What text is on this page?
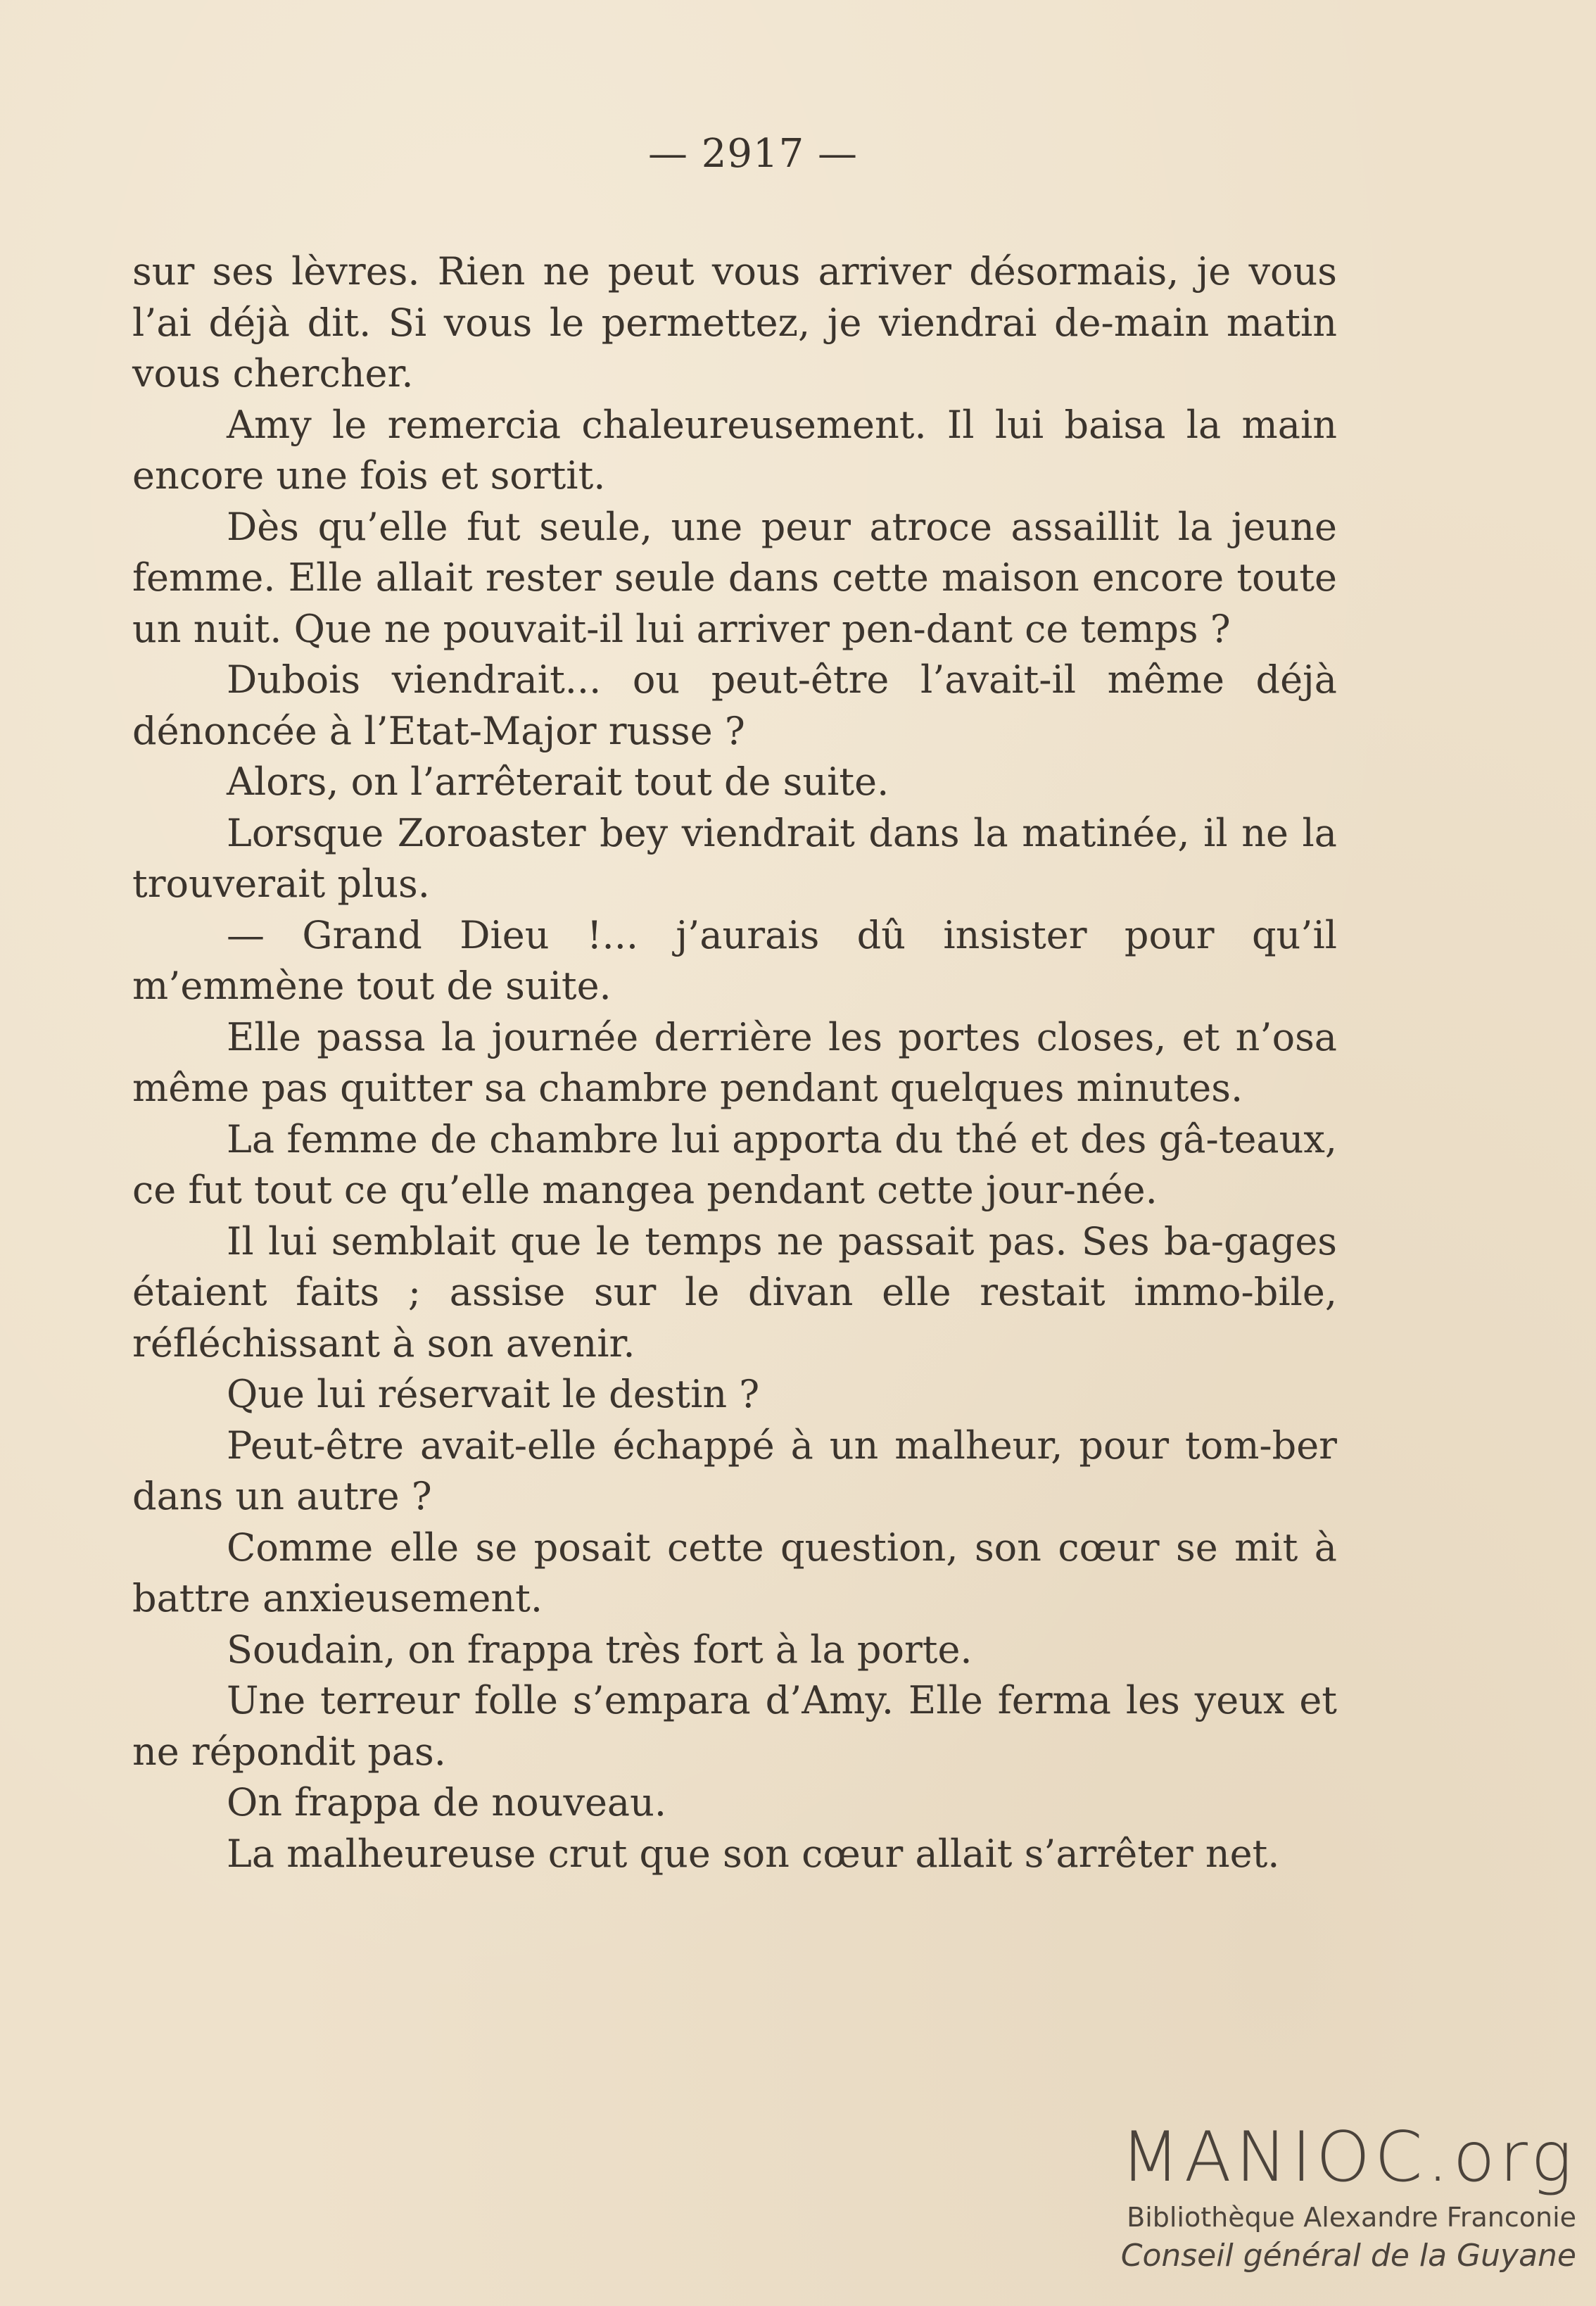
— 2917 —

sur ses lèvres. Rien ne peut vous arriver désormais, je vous l’ai déjà dit. Si vous le permettez, je viendrai de-main matin vous chercher.

Amy le remercia chaleureusement. Il lui baisa la main encore une fois et sortit.

Dès qu’elle fut seule, une peur atroce assaillit la jeune femme. Elle allait rester seule dans cette maison encore toute un nuit. Que ne pouvait-il lui arriver pen-dant ce temps ?

Dubois viendrait... ou peut-être l’avait-il même déjà dénoncée à l’Etat-Major russe ?

Alors, on l’arrêterait tout de suite.

Lorsque Zoroaster bey viendrait dans la matinée, il ne la trouverait plus.

— Grand Dieu !... j’aurais dû insister pour qu’il m’emmène tout de suite.

Elle passa la journée derrière les portes closes, et n’osa même pas quitter sa chambre pendant quelques minutes.

La femme de chambre lui apporta du thé et des gâ-teaux, ce fut tout ce qu’elle mangea pendant cette jour-née.

Il lui semblait que le temps ne passait pas. Ses ba-gages étaient faits ; assise sur le divan elle restait immo-bile, réfléchissant à son avenir.

Que lui réservait le destin ?

Peut-être avait-elle échappé à un malheur, pour tom-ber dans un autre ?

Comme elle se posait cette question, son cœur se mit à battre anxieusement.

Soudain, on frappa très fort à la porte.

Une terreur folle s’empara d’Amy. Elle ferma les yeux et ne répondit pas.

On frappa de nouveau.

La malheureuse crut que son cœur allait s’arrêter net.

MANIOC.org
Bibliothèque Alexandre Franconie
Conseil général de la Guyane
